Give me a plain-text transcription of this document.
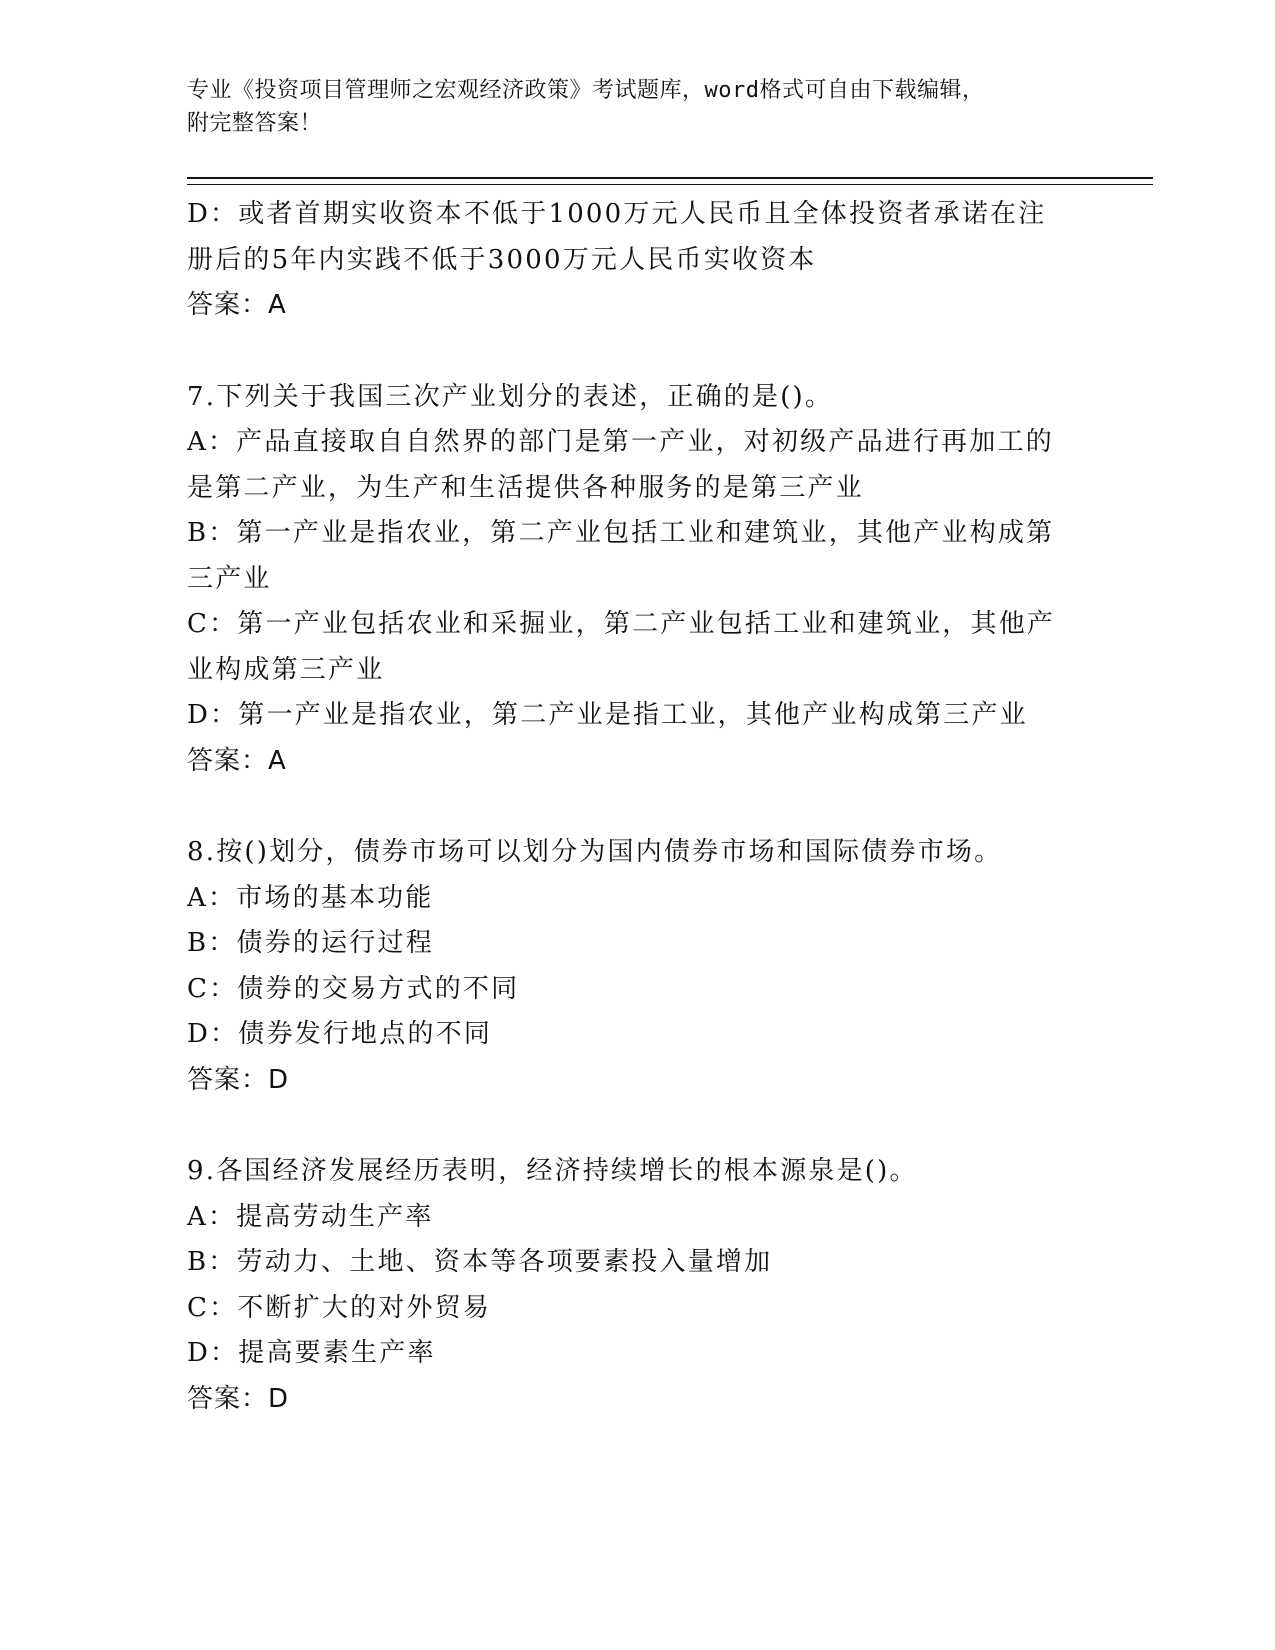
专业《投资项目管理师之宏观经济政策》考试题库，word格式可自由下载编辑，
附完整答案！
D：或者首期实收资本不低于1000万元人民币且全体投资者承诺在注
册后的5年内实践不低于3000万元人民币实收资本
答案：A
7.下列关于我国三次产业划分的表述，正确的是()。
A：产品直接取自自然界的部门是第一产业，对初级产品进行再加工的
是第二产业，为生产和生活提供各种服务的是第三产业
B：第一产业是指农业，第二产业包括工业和建筑业，其他产业构成第
三产业
C：第一产业包括农业和采掘业，第二产业包括工业和建筑业，其他产
业构成第三产业
D：第一产业是指农业，第二产业是指工业，其他产业构成第三产业
答案：A
8.按()划分，债券市场可以划分为国内债券市场和国际债券市场。
A：市场的基本功能
B：债券的运行过程
C：债券的交易方式的不同
D：债券发行地点的不同
答案：D
9.各国经济发展经历表明，经济持续增长的根本源泉是()。
A：提高劳动生产率
B：劳动力、土地、资本等各项要素投入量增加
C：不断扩大的对外贸易
D：提高要素生产率
答案：D
